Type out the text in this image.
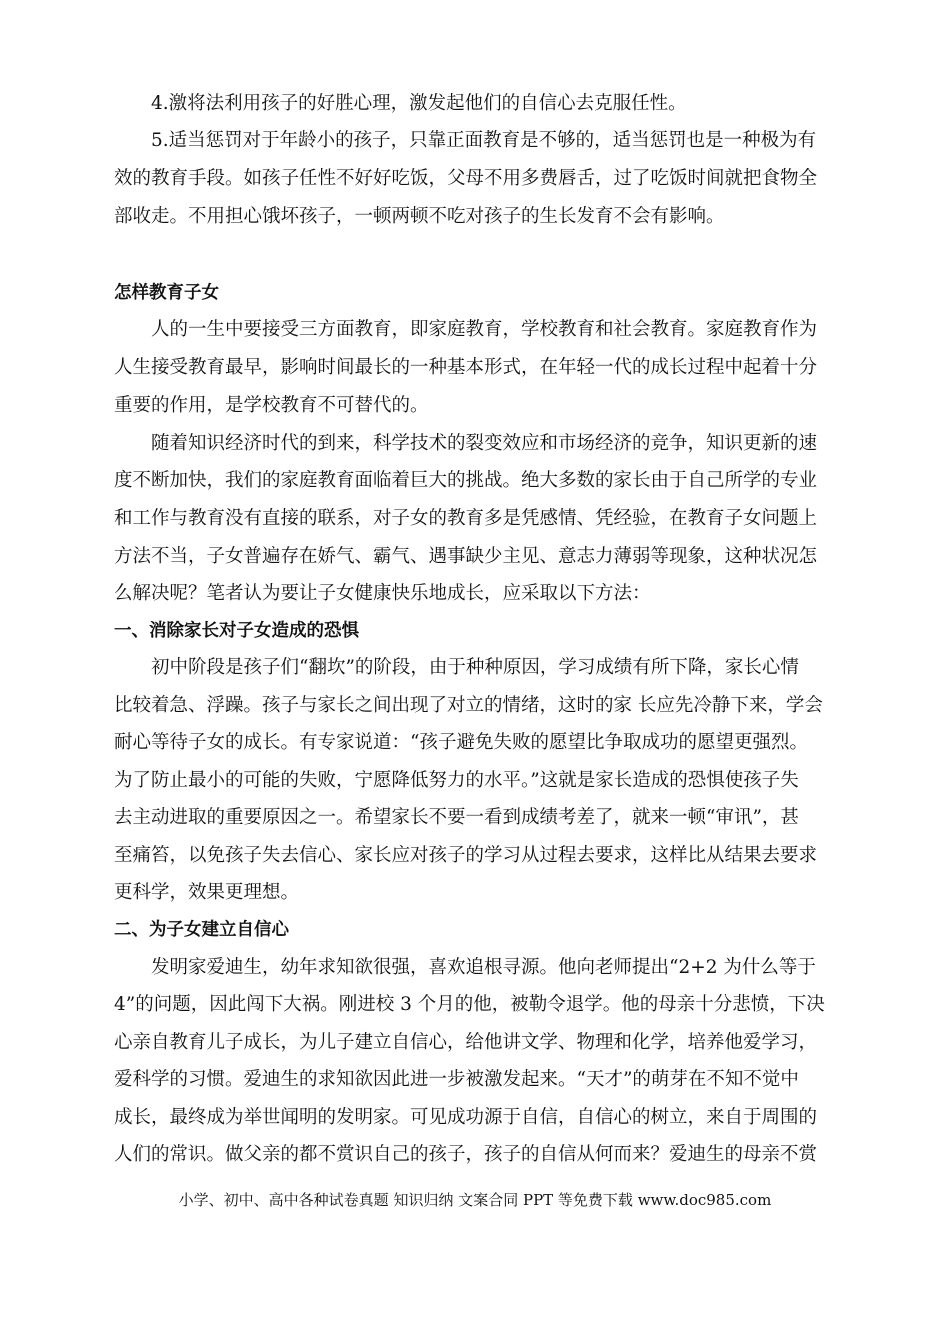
4.激将法利用孩子的好胜心理，激发起他们的自信心去克服任性。
5.适当惩罚对于年龄小的孩子，只靠正面教育是不够的，适当惩罚也是一种极为有
效的教育手段。如孩子任性不好好吃饭，父母不用多费唇舌，过了吃饭时间就把食物全
部收走。不用担心饿坏孩子，一顿两顿不吃对孩子的生长发育不会有影响。
怎样教育子女
人的一生中要接受三方面教育，即家庭教育，学校教育和社会教育。家庭教育作为
人生接受教育最早，影响时间最长的一种基本形式，在年轻一代的成长过程中起着十分
重要的作用，是学校教育不可替代的。
随着知识经济时代的到来，科学技术的裂变效应和市场经济的竞争，知识更新的速
度不断加快，我们的家庭教育面临着巨大的挑战。绝大多数的家长由于自己所学的专业
和工作与教育没有直接的联系，对子女的教育多是凭感情、凭经验，在教育子女问题上
方法不当，子女普遍存在娇气、霸气、遇事缺少主见、意志力薄弱等现象，这种状况怎
么解决呢？笔者认为要让子女健康快乐地成长，应采取以下方法：
一、消除家长对子女造成的恐惧
初中阶段是孩子们“翻坎”的阶段，由于种种原因，学习成绩有所下降，家长心情
比较着急、浮躁。孩子与家长之间出现了对立的情绪，这时的家 长应先冷静下来，学会
耐心等待子女的成长。有专家说道：“孩子避免失败的愿望比争取成功的愿望更强烈。
为了防止最小的可能的失败，宁愿降低努力的水平。”这就是家长造成的恐惧使孩子失
去主动进取的重要原因之一。希望家长不要一看到成绩考差了，就来一顿“审讯”，甚
至痛笞，以免孩子失去信心、家长应对孩子的学习从过程去要求，这样比从结果去要求
更科学，效果更理想。
二、为子女建立自信心
发明家爱迪生，幼年求知欲很强，喜欢追根寻源。他向老师提出“2+2 为什么等于
4”的问题，因此闯下大祸。刚进校 3 个月的他，被勒令退学。他的母亲十分悲愤，下决
心亲自教育儿子成长，为儿子建立自信心，给他讲文学、物理和化学，培养他爱学习，
爱科学的习惯。爱迪生的求知欲因此进一步被激发起来。“天才”的萌芽在不知不觉中
成长，最终成为举世闻明的发明家。可见成功源于自信，自信心的树立，来自于周围的
人们的常识。做父亲的都不赏识自己的孩子，孩子的自信从何而来？爱迪生的母亲不赏
小学、初中、高中各种试卷真题 知识归纳 文案合同 PPT 等免费下载 www.doc985.com
